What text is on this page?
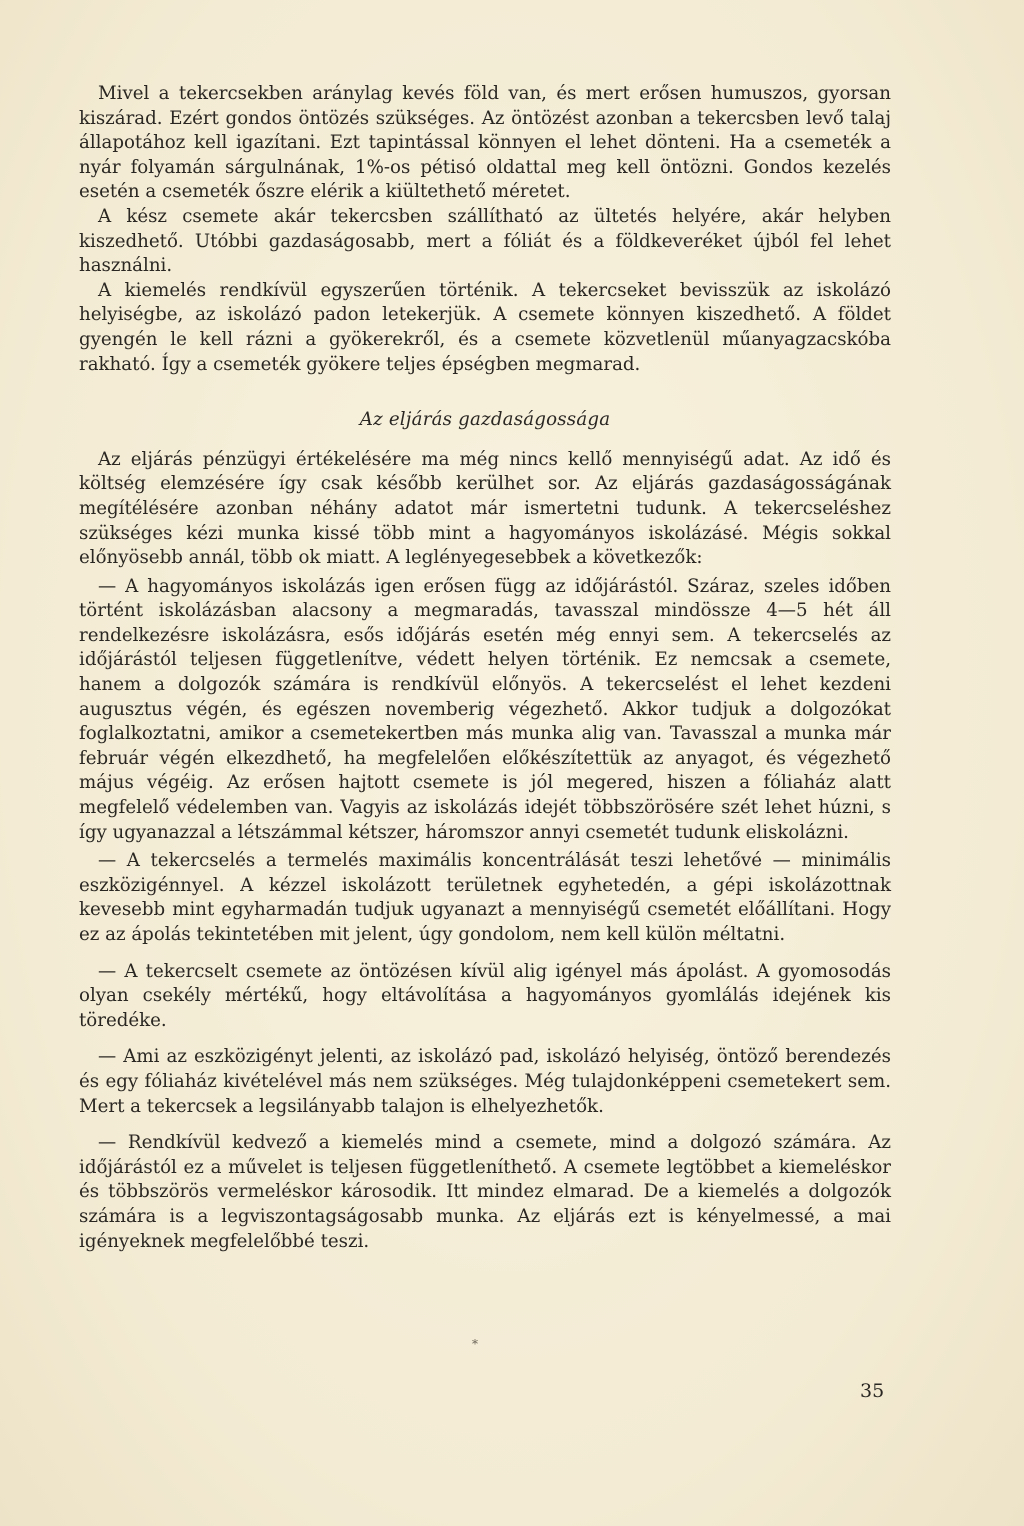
Mivel a tekercsekben aránylag kevés föld van, és mert erősen humuszos, gyorsan kiszárad. Ezért gondos öntözés szükséges. Az öntözést azonban a tekercsben levő talaj állapotához kell igazítani. Ezt tapintással könnyen el lehet dönteni. Ha a csemeték a nyár folyamán sárgulnának, 1%-os pétisó oldattal meg kell öntözni. Gondos kezelés esetén a csemeték őszre elérik a kiültethető méretet.

A kész csemete akár tekercsben szállítható az ültetés helyére, akár helyben kiszedhető. Utóbbi gazdaságosabb, mert a fóliát és a földkeveréket újból fel lehet használni.

A kiemelés rendkívül egyszerűen történik. A tekercseket bevisszük az iskolázó helyiségbe, az iskolázó padon letekerjük. A csemete könnyen kiszedhető. A földet gyengén le kell rázni a gyökerekről, és a csemete közvetlenül műanyagzacskóba rakható. Így a csemeték gyökere teljes épségben megmarad.

Az eljárás gazdaságossága

Az eljárás pénzügyi értékelésére ma még nincs kellő mennyiségű adat. Az idő és költség elemzésére így csak később kerülhet sor. Az eljárás gazdaságosságának megítélésére azonban néhány adatot már ismertetni tudunk. A tekercseléshez szükséges kézi munka kissé több mint a hagyományos iskolázásé. Mégis sokkal előnyösebb annál, több ok miatt. A leglényegesebbek a következők:

— A hagyományos iskolázás igen erősen függ az időjárástól. Száraz, szeles időben történt iskolázásban alacsony a megmaradás, tavasszal mindössze 4—5 hét áll rendelkezésre iskolázásra, esős időjárás esetén még ennyi sem. A tekercselés az időjárástól teljesen függetlenítve, védett helyen történik. Ez nemcsak a csemete, hanem a dolgozók számára is rendkívül előnyös. A tekercselést el lehet kezdeni augusztus végén, és egészen novemberig végezhető. Akkor tudjuk a dolgozókat foglalkoztatni, amikor a csemetekertben más munka alig van. Tavasszal a munka már február végén elkezdhető, ha megfelelően előkészítettük az anyagot, és végezhető május végéig. Az erősen hajtott csemete is jól megered, hiszen a fóliaház alatt megfelelő védelemben van. Vagyis az iskolázás idejét többszörösére szét lehet húzni, s így ugyanazzal a létszámmal kétszer, háromszor annyi csemetét tudunk eliskolázni.

— A tekercselés a termelés maximális koncentrálását teszi lehetővé — minimális eszközigénnyel. A kézzel iskolázott területnek egyhetedén, a gépi iskolázottnak kevesebb mint egyharmadán tudjuk ugyanazt a mennyiségű csemetét előállítani. Hogy ez az ápolás tekintetében mit jelent, úgy gondolom, nem kell külön méltatni.

— A tekercselt csemete az öntözésen kívül alig igényel más ápolást. A gyomosodás olyan csekély mértékű, hogy eltávolítása a hagyományos gyomlálás idejének kis töredéke.

— Ami az eszközigényt jelenti, az iskolázó pad, iskolázó helyiség, öntöző berendezés és egy fóliaház kivételével más nem szükséges. Még tulajdonképpeni csemetekert sem. Mert a tekercsek a legsilányabb talajon is elhelyezhetők.

— Rendkívül kedvező a kiemelés mind a csemete, mind a dolgozó számára. Az időjárástól ez a művelet is teljesen függetleníthető. A csemete legtöbbet a kiemeléskor és többszörös vermeléskor károsodik. Itt mindez elmarad. De a kiemelés a dolgozók számára is a legviszontagságosabb munka. Az eljárás ezt is kényelmessé, a mai igényeknek megfelelőbbé teszi.

*
35
